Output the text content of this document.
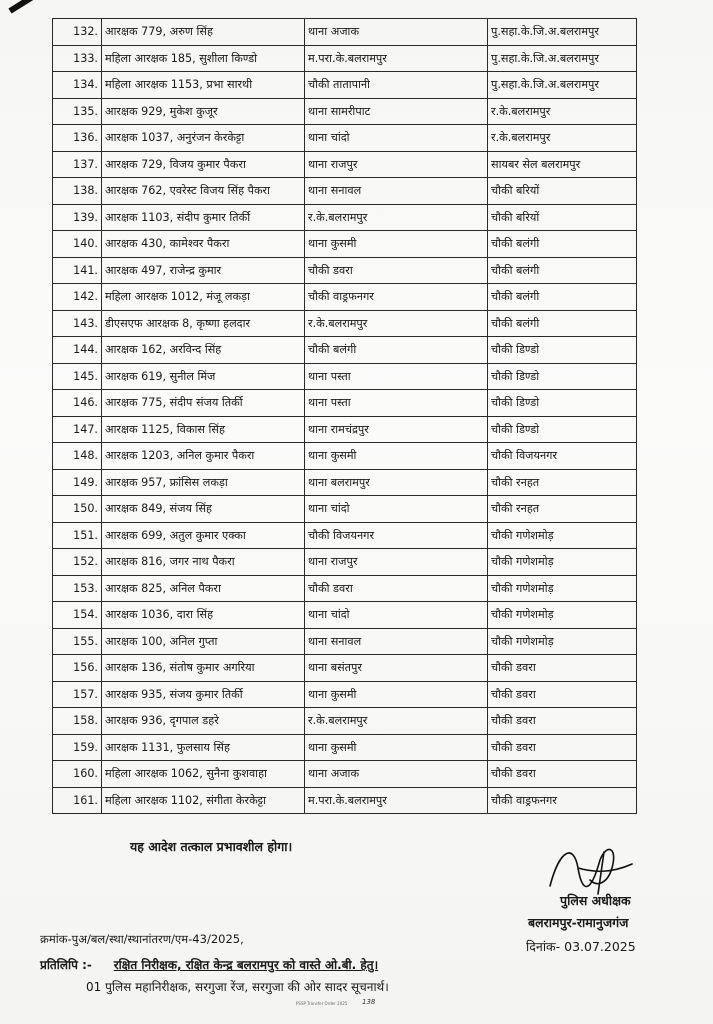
132.	आरक्षक 779, अरुण सिंह	थाना अजाक	पु.सहा.के.जि.अ.बलरामपुर
133.	महिला आरक्षक 185, सुशीला किण्डो	म.परा.के.बलरामपुर	पु.सहा.के.जि.अ.बलरामपुर
134.	महिला आरक्षक 1153, प्रभा सारथी	चौकी तातापानी	पु.सहा.के.जि.अ.बलरामपुर
135.	आरक्षक 929, मुकेश कुजूर	थाना सामरीपाट	र.के.बलरामपुर
136.	आरक्षक 1037, अनुरंजन केरकेट्टा	थाना चांदो	र.के.बलरामपुर
137.	आरक्षक 729, विजय कुमार पैकरा	थाना राजपुर	सायबर सेल बलरामपुर
138.	आरक्षक 762, एवरेस्ट विजय सिंह पैकरा	थाना सनावल	चौकी बरियों
139.	आरक्षक 1103, संदीप कुमार तिर्की	र.के.बलरामपुर	चौकी बरियों
140.	आरक्षक 430, कामेश्वर पैकरा	थाना कुसमी	चौकी बलंगी
141.	आरक्षक 497, राजेन्द्र कुमार	चौकी डवरा	चौकी बलंगी
142.	महिला आरक्षक 1012, मंजू लकड़ा	चौकी वाड्रफनगर	चौकी बलंगी
143.	डीएसएफ आरक्षक 8, कृष्णा हलदार	र.के.बलरामपुर	चौकी बलंगी
144.	आरक्षक 162, अरविन्द सिंह	चौकी बलंगी	चौकी डिण्डो
145.	आरक्षक 619, सुनील मिंज	थाना पस्ता	चौकी डिण्डो
146.	आरक्षक 775, संदीप संजय तिर्की	थाना पस्ता	चौकी डिण्डो
147.	आरक्षक 1125, विकास सिंह	थाना रामचंद्रपुर	चौकी डिण्डो
148.	आरक्षक 1203, अनिल कुमार पैकरा	थाना कुसमी	चौकी विजयनगर
149.	आरक्षक 957, फ्रांसिस लकड़ा	थाना बलरामपुर	चौकी रनहत
150.	आरक्षक 849, संजय सिंह	थाना चांदो	चौकी रनहत
151.	आरक्षक 699, अतुल कुमार एक्का	चौकी विजयनगर	चौकी गणेशमोड़
152.	आरक्षक 816, जगर नाथ पैकरा	थाना राजपुर	चौकी गणेशमोड़
153.	आरक्षक 825, अनिल पैकरा	चौकी डवरा	चौकी गणेशमोड़
154.	आरक्षक 1036, दारा सिंह	थाना चांदो	चौकी गणेशमोड़
155.	आरक्षक 100, अनिल गुप्ता	थाना सनावल	चौकी गणेशमोड़
156.	आरक्षक 136, संतोष कुमार अगरिया	थाना बसंतपुर	चौकी डवरा
157.	आरक्षक 935, संजय कुमार तिर्की	थाना कुसमी	चौकी डवरा
158.	आरक्षक 936, दृगपाल डहरे	र.के.बलरामपुर	चौकी डवरा
159.	आरक्षक 1131, फुलसाय सिंह	थाना कुसमी	चौकी डवरा
160.	महिला आरक्षक 1062, सुनैना कुशवाहा	थाना अजाक	चौकी डवरा
161.	महिला आरक्षक 1102, संगीता केरकेट्टा	म.परा.के.बलरामपुर	चौकी वाड्रफनगर
यह आदेश तत्काल प्रभावशील होगा।
पुलिस अधीक्षक
बलरामपुर-रामानुजगंज
दिनांक- 03.07.2025
क्रमांक-पुअ/बल/स्था/स्थानांतरण/एम-43/2025,
प्रतिलिपि :- रक्षित निरीक्षक, रक्षित केन्द्र बलरामपुर को वास्ते ओ.बी. हेतु।
01 पुलिस महानिरीक्षक, सरगुजा रेंज, सरगुजा की ओर सादर सूचनार्थ।
PSSP Transfer Order 2025 138
